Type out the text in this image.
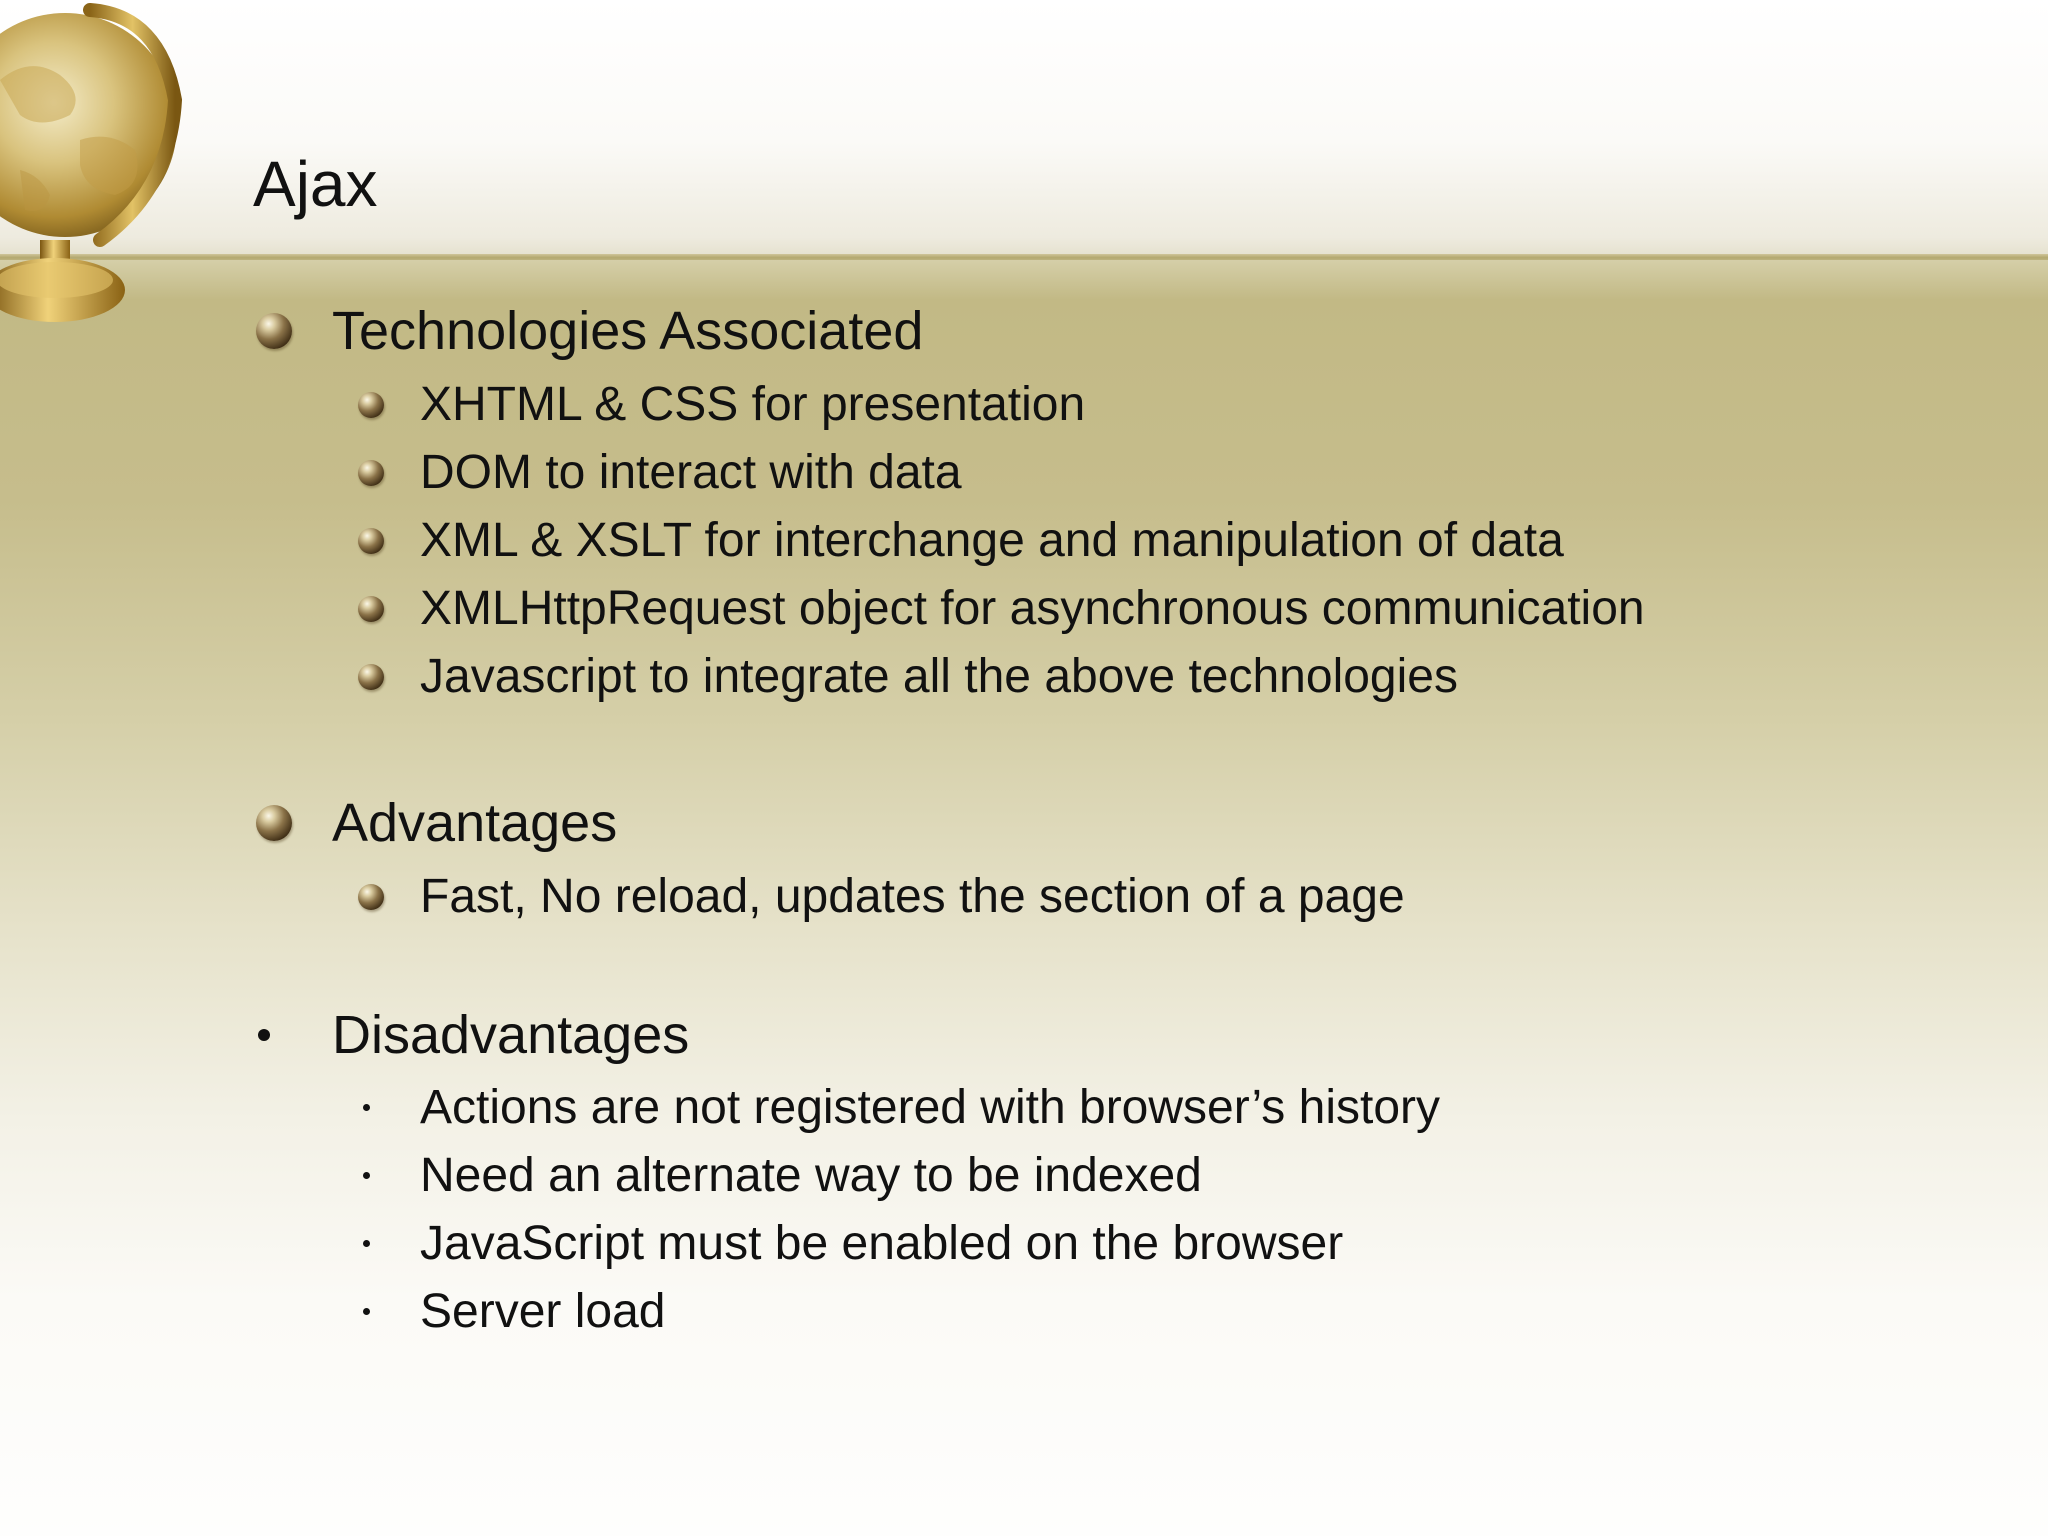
Ajax
Technologies Associated
XHTML & CSS for presentation
DOM to interact with data
XML & XSLT for interchange and manipulation of data
XMLHttpRequest object for asynchronous communication
Javascript to integrate all the above technologies
Advantages
Fast, No reload, updates the section of a page
Disadvantages
Actions are not registered with browser’s history
Need an alternate way to be indexed
JavaScript must be enabled on the browser
Server load
